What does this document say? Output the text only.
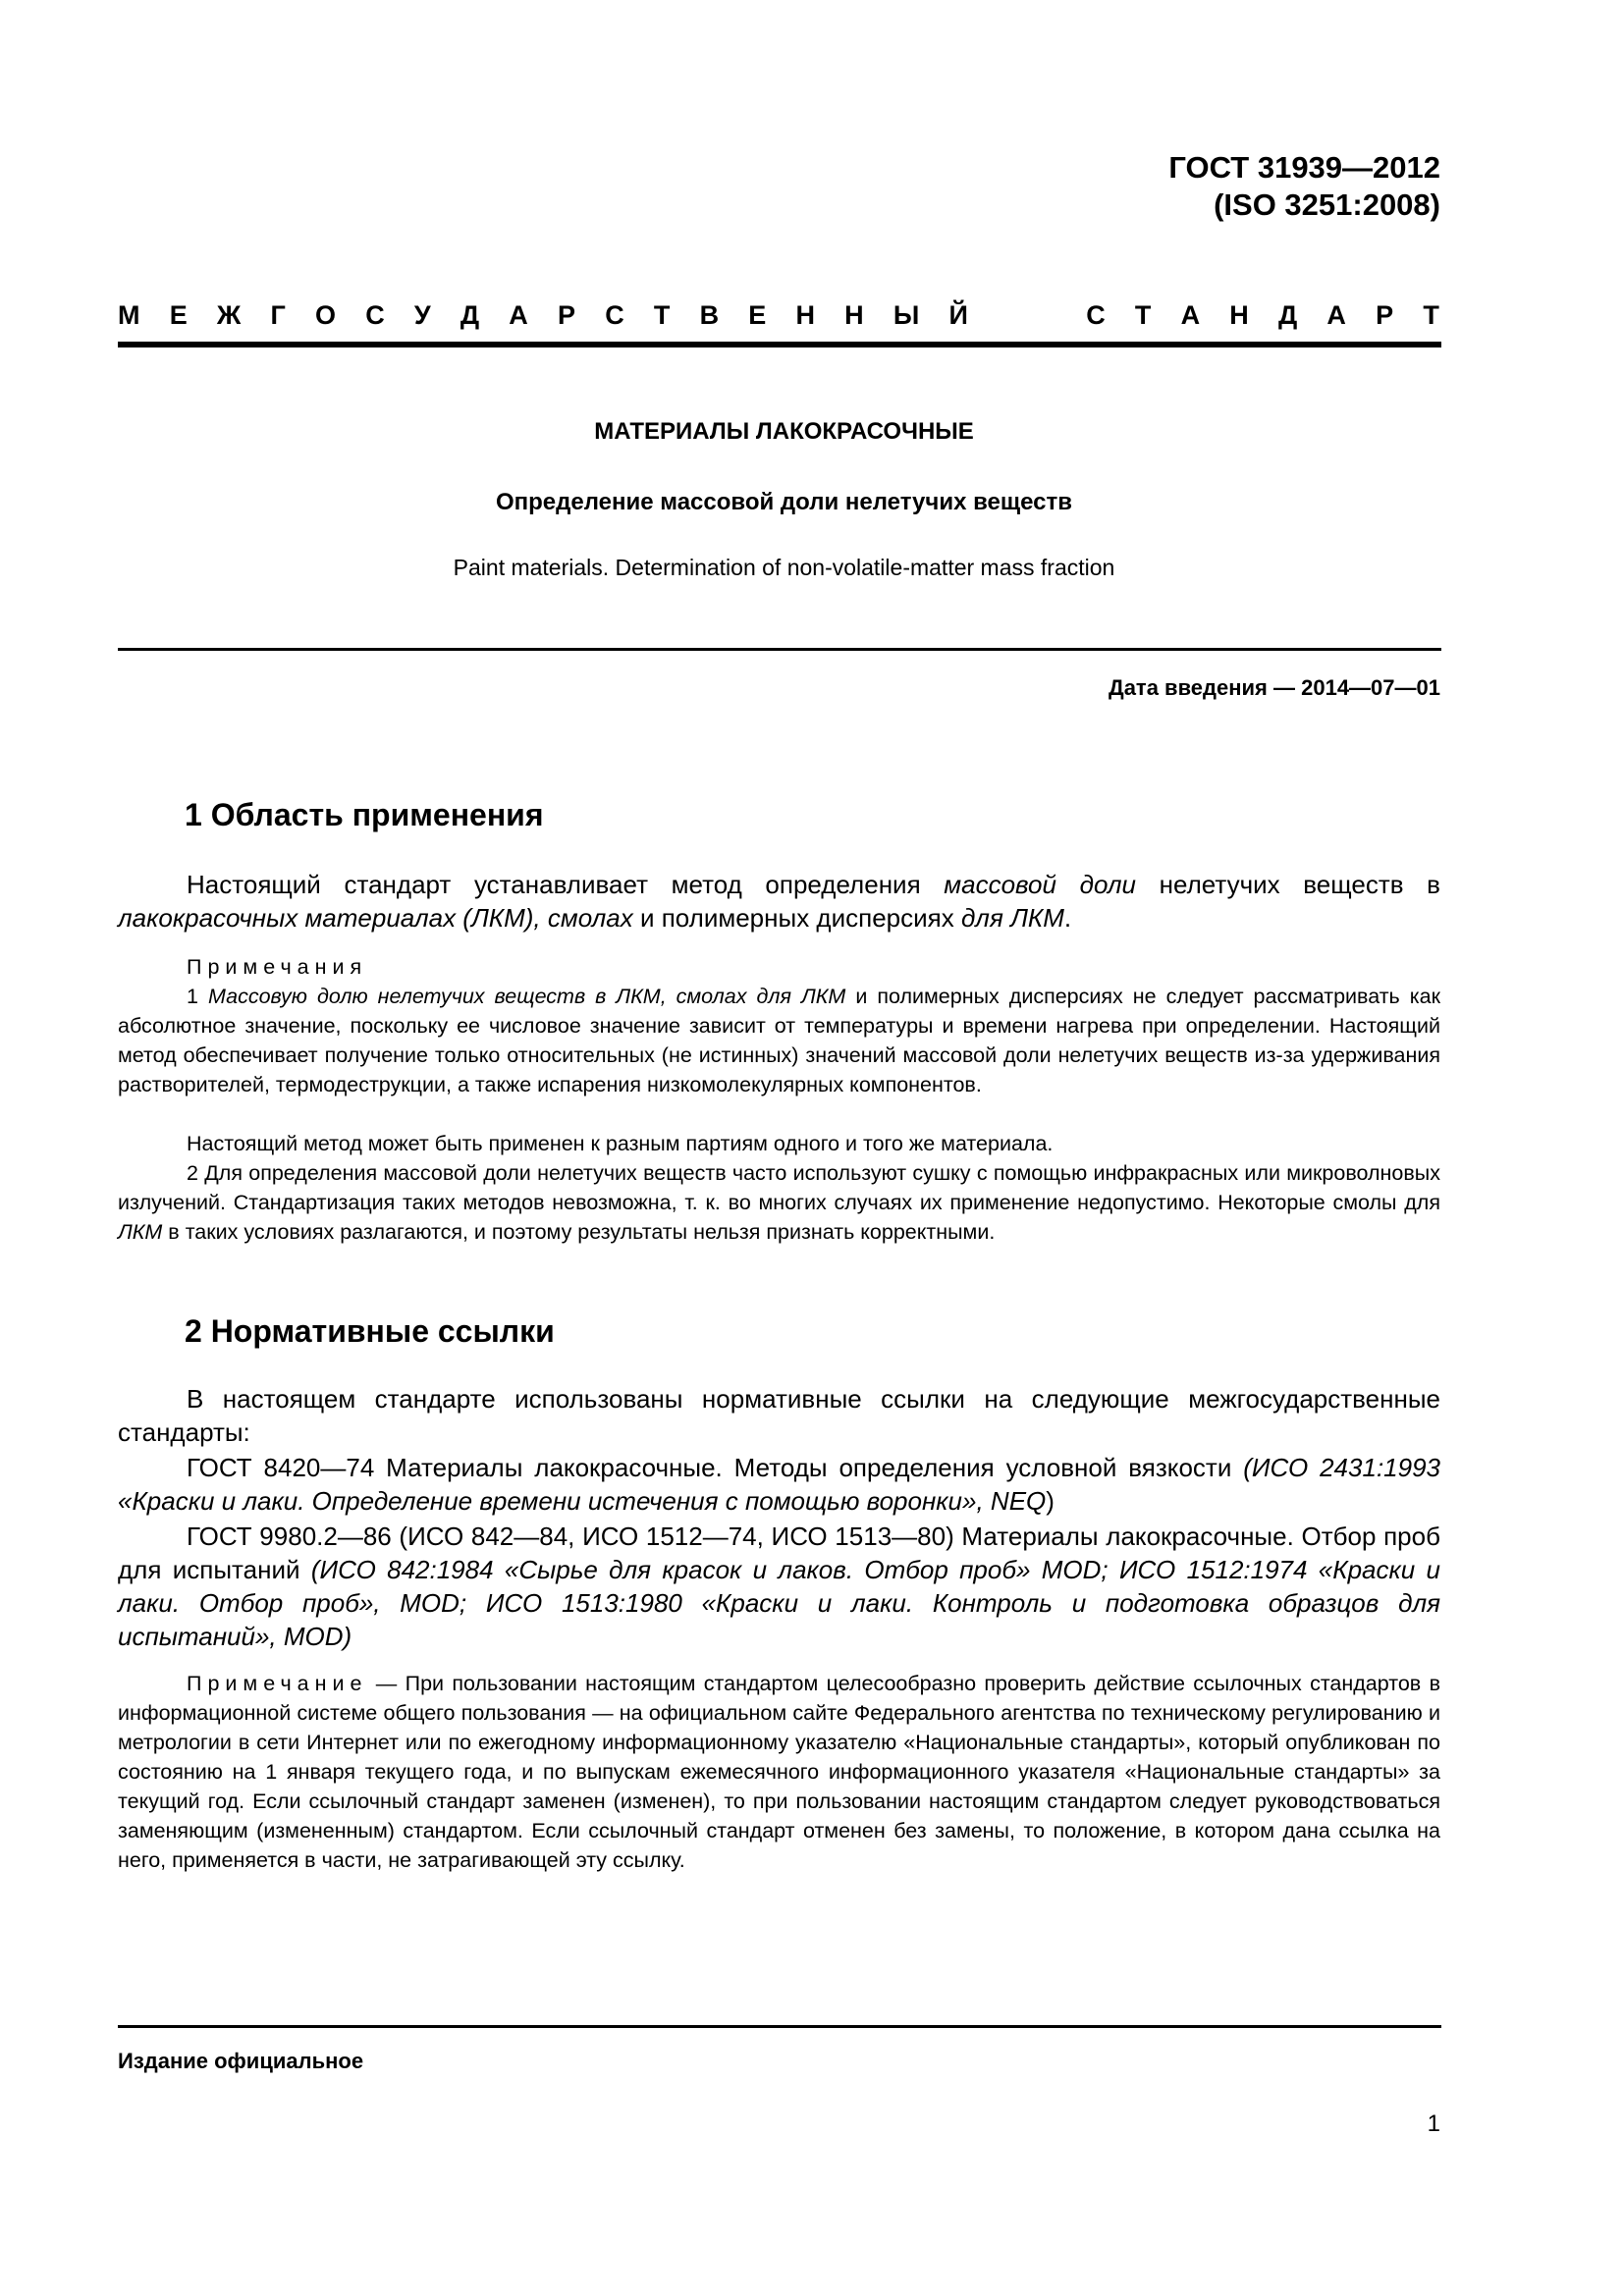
ГОСТ 31939—2012
(ISO 3251:2008)
М Е Ж Г О С У Д А Р С Т В Е Н Н Ы Й	С Т А Н Д А Р Т
МАТЕРИАЛЫ ЛАКОКРАСОЧНЫЕ
Определение массовой доли нелетучих веществ
Paint materials. Determination of non-volatile-matter mass fraction
Дата введения — 2014—07—01
1 Область применения

Настоящий стандарт устанавливает метод определения массовой доли нелетучих веществ в лакокрасочных материалах (ЛКМ), смолах и полимерных дисперсиях для ЛКМ.

Примечания

1 Массовую долю нелетучих веществ в ЛКМ, смолах для ЛКМ и полимерных дисперсиях не следует рассматривать как абсолютное значение, поскольку ее числовое значение зависит от температуры и времени нагрева при определении. Настоящий метод обеспечивает получение только относительных (не истинных) значений массовой доли нелетучих веществ из-за удерживания растворителей, термодеструкции, а также испарения низкомолекулярных компонентов.

Настоящий метод может быть применен к разным партиям одного и того же материала.

2 Для определения массовой доли нелетучих веществ часто используют сушку с помощью инфракрасных или микроволновых излучений. Стандартизация таких методов невозможна, т. к. во многих случаях их применение недопустимо. Некоторые смолы для ЛКМ в таких условиях разлагаются, и поэтому результаты нельзя признать корректными.

2 Нормативные ссылки

В настоящем стандарте использованы нормативные ссылки на следующие межгосударственные стандарты:

ГОСТ 8420—74 Материалы лакокрасочные. Методы определения условной вязкости (ИСО 2431:1993 «Краски и лаки. Определение времени истечения с помощью воронки», NEQ)

ГОСТ 9980.2—86 (ИСО 842—84, ИСО 1512—74, ИСО 1513—80) Материалы лакокрасочные. Отбор проб для испытаний (ИСО 842:1984 «Сырье для красок и лаков. Отбор проб» MOD; ИСО 1512:1974 «Краски и лаки. Отбор проб», MOD; ИСО 1513:1980 «Краски и лаки. Контроль и подготовка образцов для испытаний», MOD)

Примечание — При пользовании настоящим стандартом целесообразно проверить действие ссылочных стандартов в информационной системе общего пользования — на официальном сайте Федерального агентства по техническому регулированию и метрологии в сети Интернет или по ежегодному информационному указателю «Национальные стандарты», который опубликован по состоянию на 1 января текущего года, и по выпускам ежемесячного информационного указателя «Национальные стандарты» за текущий год. Если ссылочный стандарт заменен (изменен), то при пользовании настоящим стандартом следует руководствоваться заменяющим (измененным) стандартом. Если ссылочный стандарт отменен без замены, то положение, в котором дана ссылка на него, применяется в части, не затрагивающей эту ссылку.

Издание официальное
1
